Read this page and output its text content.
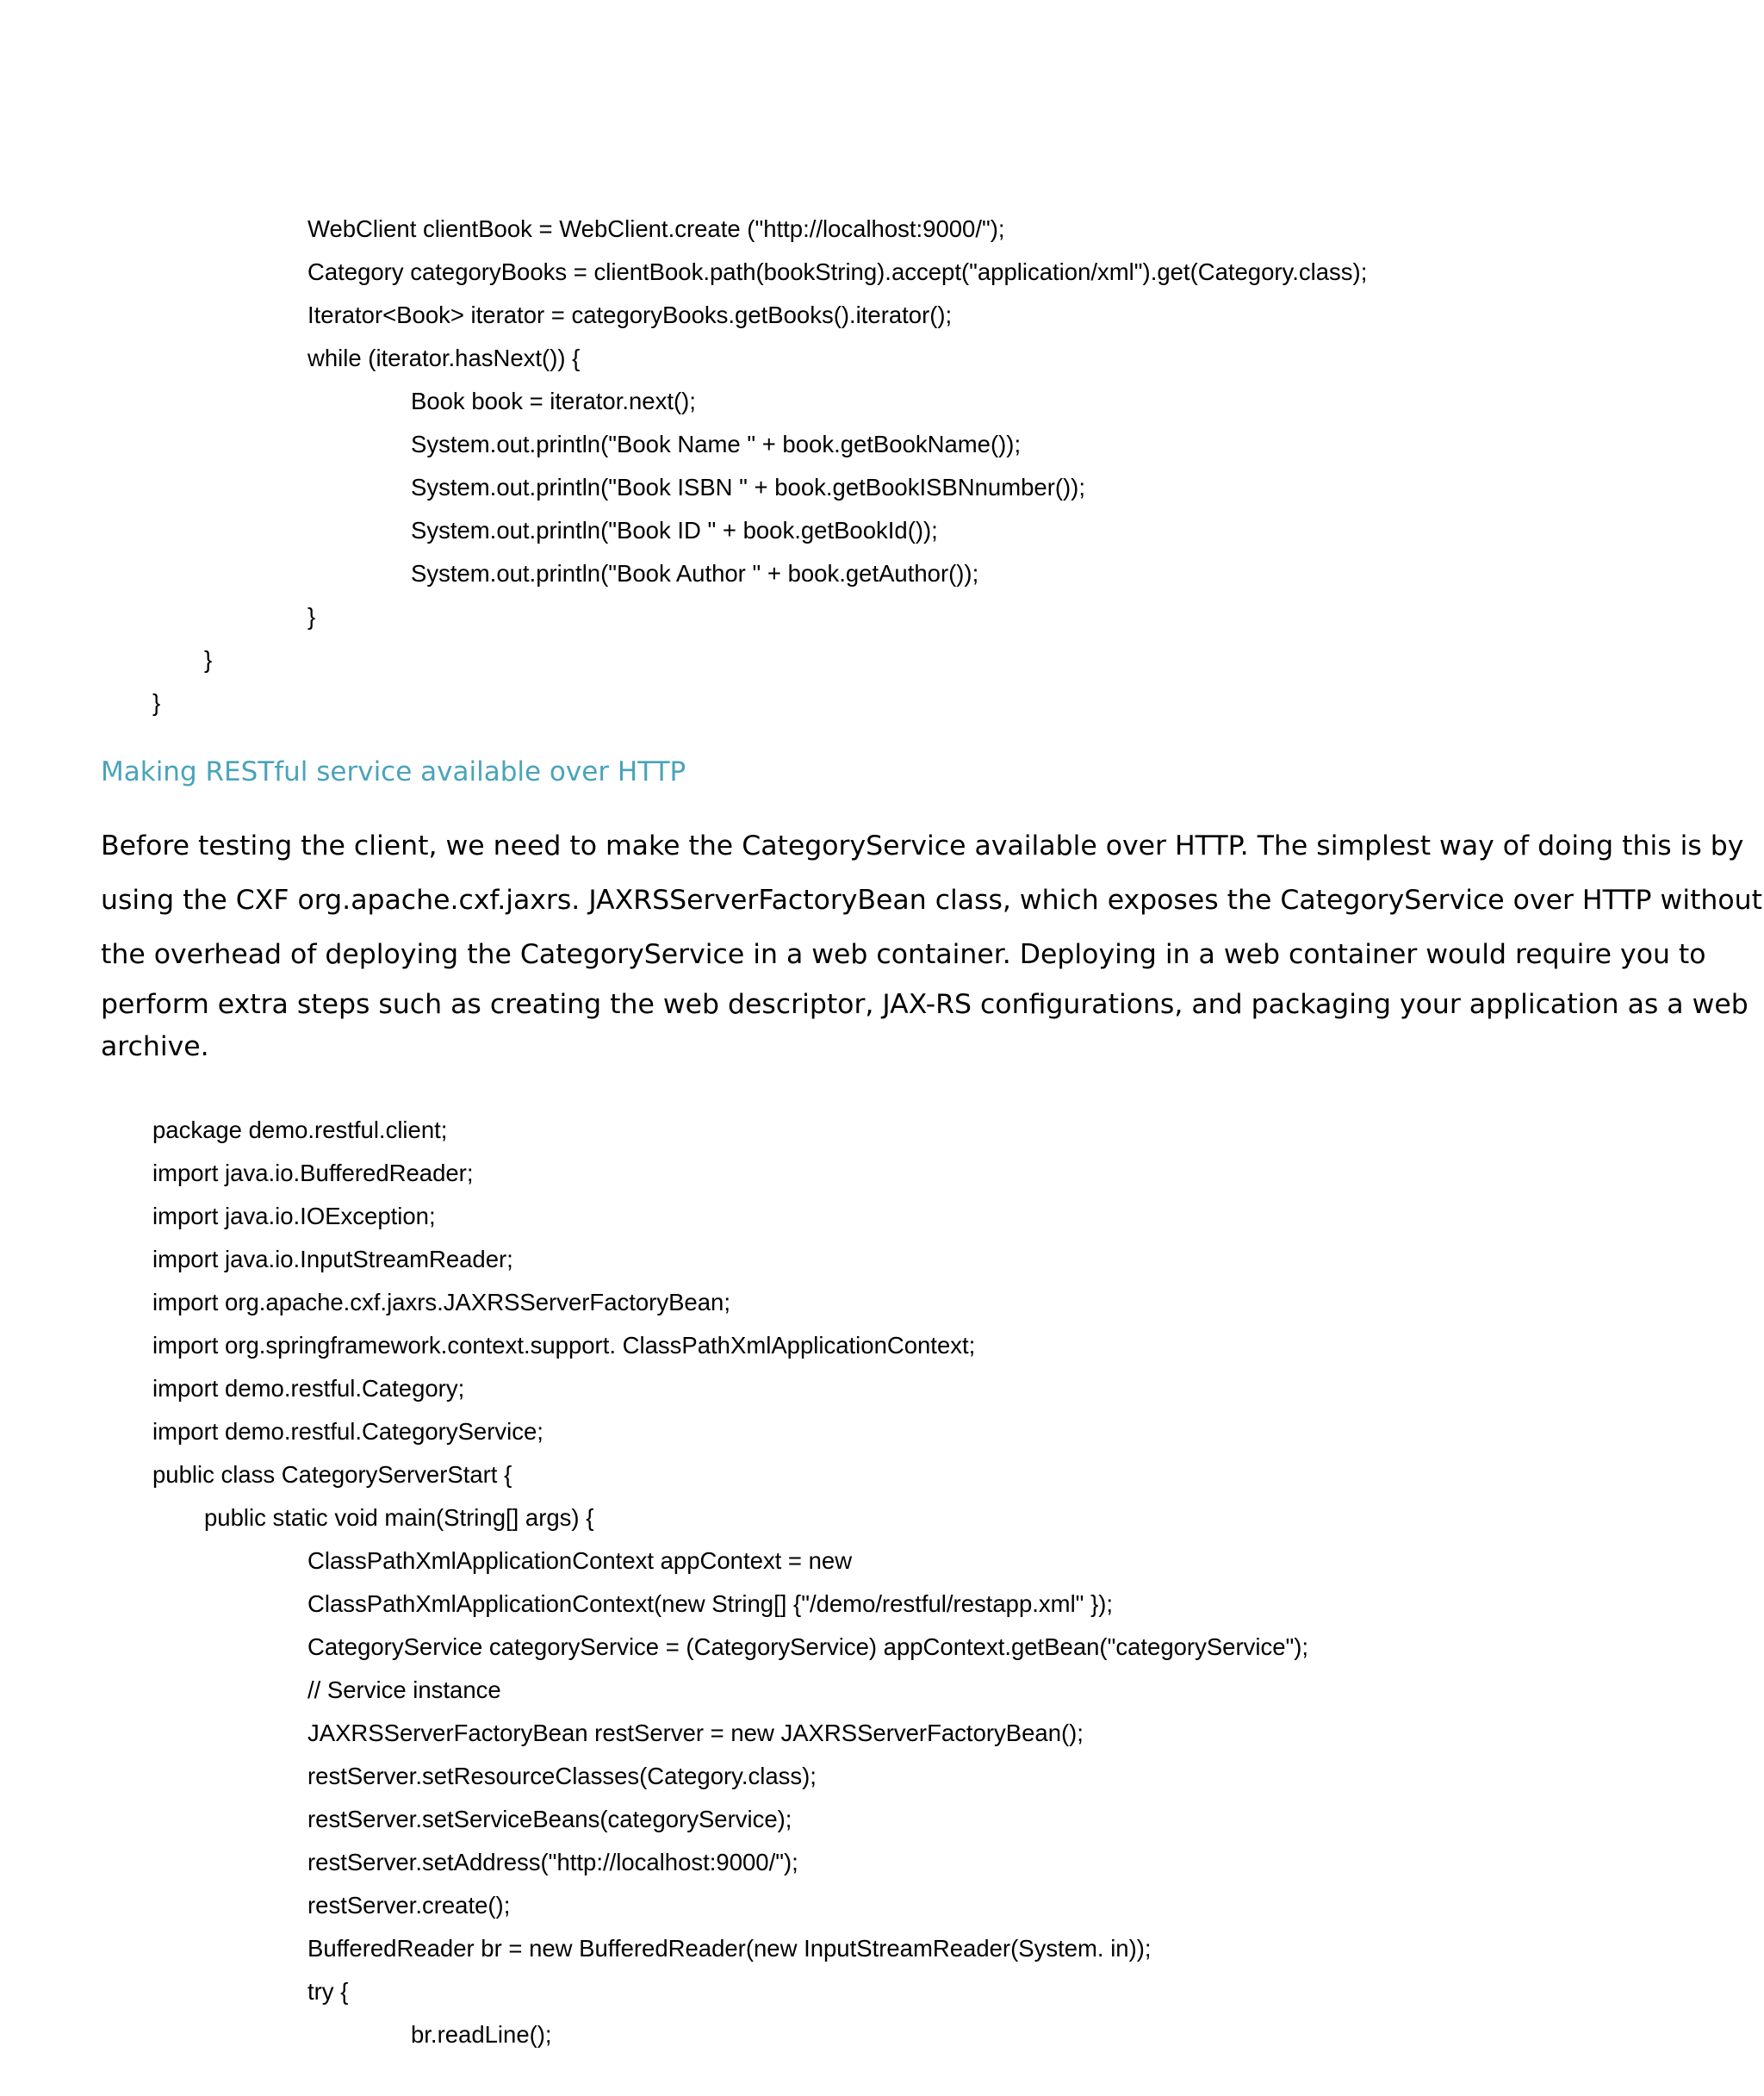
WebClient clientBook = WebClient.create ("http://localhost:9000/");
Category categoryBooks = clientBook.path(bookString).accept("application/xml").get(Category.class);
Iterator<Book> iterator = categoryBooks.getBooks().iterator();
while (iterator.hasNext()) {
Book book = iterator.next();
System.out.println("Book Name " + book.getBookName());
System.out.println("Book ISBN " + book.getBookISBNnumber());
System.out.println("Book ID " + book.getBookId());
System.out.println("Book Author " + book.getAuthor());
}
}
}
Making RESTful service available over HTTP
Before testing the client, we need to make the CategoryService available over HTTP. The simplest way of doing this is by
using the CXF org.apache.cxf.jaxrs. JAXRSServerFactoryBean class, which exposes the CategoryService over HTTP without
the overhead of deploying the CategoryService in a web container. Deploying in a web container would require you to
perform extra steps such as creating the web descriptor, JAX-RS configurations, and packaging your application as a web
archive.
package demo.restful.client;
import java.io.BufferedReader;
import java.io.IOException;
import java.io.InputStreamReader;
import org.apache.cxf.jaxrs.JAXRSServerFactoryBean;
import org.springframework.context.support. ClassPathXmlApplicationContext;
import demo.restful.Category;
import demo.restful.CategoryService;
public class CategoryServerStart {
public static void main(String[] args) {
ClassPathXmlApplicationContext appContext = new
ClassPathXmlApplicationContext(new String[] {"/demo/restful/restapp.xml" });
CategoryService categoryService = (CategoryService) appContext.getBean("categoryService");
// Service instance
JAXRSServerFactoryBean restServer = new JAXRSServerFactoryBean();
restServer.setResourceClasses(Category.class);
restServer.setServiceBeans(categoryService);
restServer.setAddress("http://localhost:9000/");
restServer.create();
BufferedReader br = new BufferedReader(new InputStreamReader(System. in));
try {
br.readLine();
